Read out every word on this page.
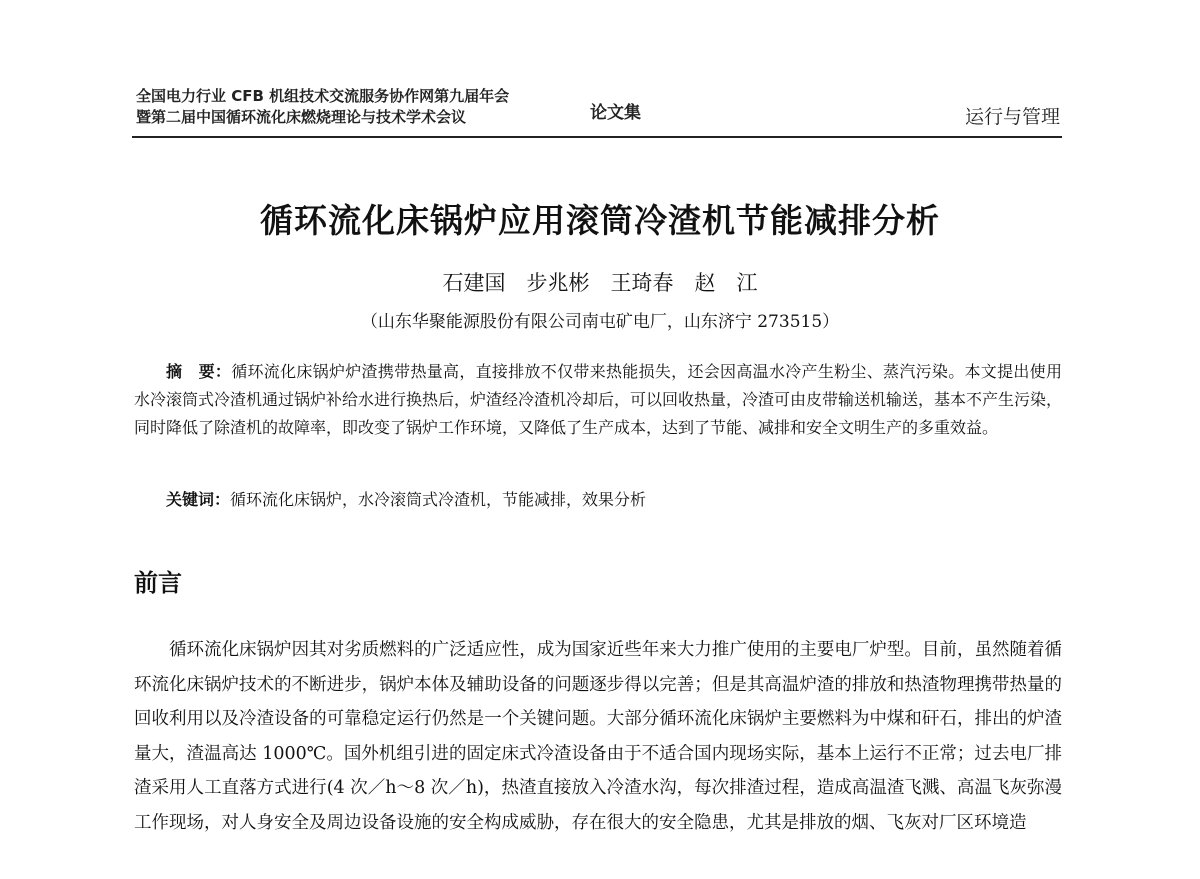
全国电力行业 CFB 机组技术交流服务协作网第九届年会
暨第二届中国循环流化床燃烧理论与技术学术会议	论文集	运行与管理
循环流化床锅炉应用滚筒冷渣机节能减排分析
石建国　步兆彬　王琦春　赵　江
（山东华聚能源股份有限公司南屯矿电厂，山东济宁 273515）

摘　要：循环流化床锅炉炉渣携带热量高，直接排放不仅带来热能损失，还会因高温水冷产生粉尘、蒸汽污染。本文提出使用水冷滚筒式冷渣机通过锅炉补给水进行换热后，炉渣经冷渣机冷却后，可以回收热量，冷渣可由皮带输送机输送，基本不产生污染，同时降低了除渣机的故障率，即改变了锅炉工作环境，又降低了生产成本，达到了节能、减排和安全文明生产的多重效益。

关键词：循环流化床锅炉，水冷滚筒式冷渣机，节能减排，效果分析
前言

循环流化床锅炉因其对劣质燃料的广泛适应性，成为国家近些年来大力推广使用的主要电厂炉型。目前，虽然随着循环流化床锅炉技术的不断进步，锅炉本体及辅助设备的问题逐步得以完善；但是其高温炉渣的排放和热渣物理携带热量的回收利用以及冷渣设备的可靠稳定运行仍然是一个关键问题。大部分循环流化床锅炉主要燃料为中煤和矸石，排出的炉渣量大，渣温高达 1000℃。国外机组引进的固定床式冷渣设备由于不适合国内现场实际，基本上运行不正常；过去电厂排渣采用人工直落方式进行(4 次／h～8 次／h)，热渣直接放入冷渣水沟，每次排渣过程，造成高温渣飞溅、高温飞灰弥漫工作现场，对人身安全及周边设备设施的安全构成威胁，存在很大的安全隐患，尤其是排放的烟、飞灰对厂区环境造
